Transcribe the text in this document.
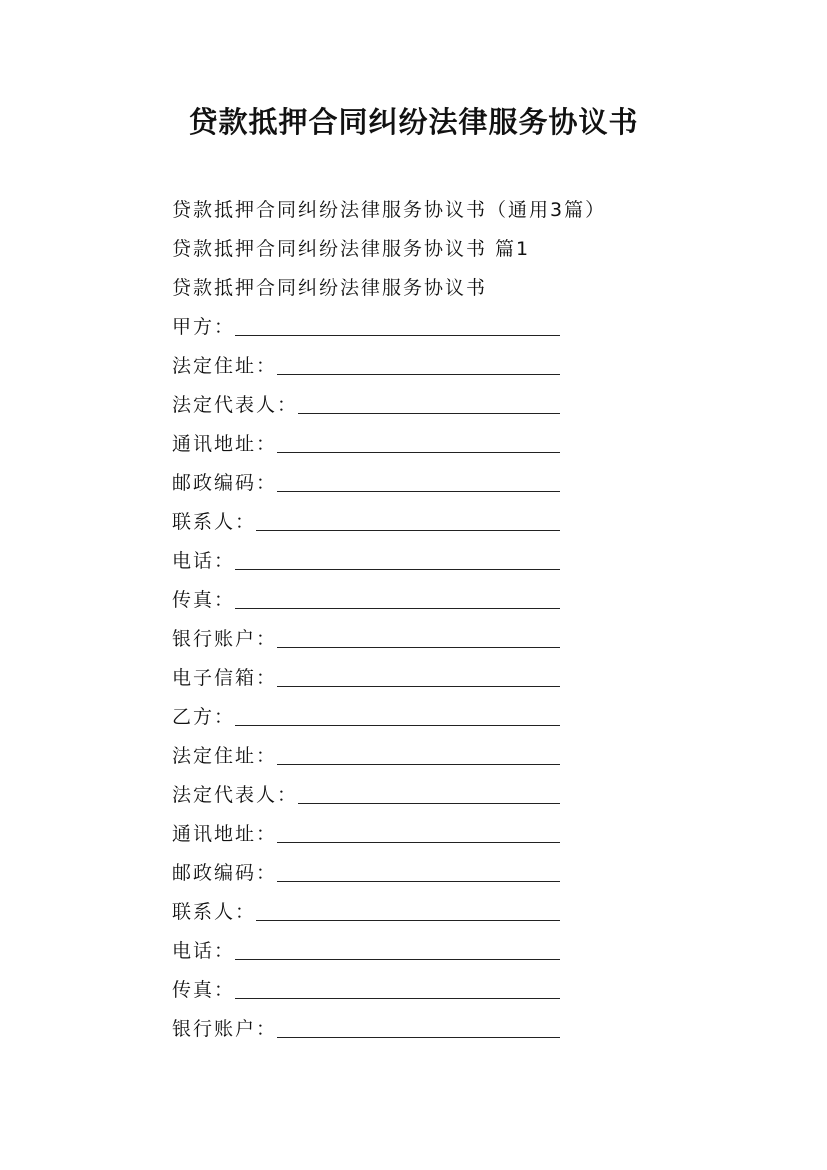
贷款抵押合同纠纷法律服务协议书
贷款抵押合同纠纷法律服务协议书（通用3篇）
贷款抵押合同纠纷法律服务协议书 篇1
贷款抵押合同纠纷法律服务协议书
甲方：
法定住址：
法定代表人：
通讯地址：
邮政编码：
联系人：
电话：
传真：
银行账户：
电子信箱：
乙方：
法定住址：
法定代表人：
通讯地址：
邮政编码：
联系人：
电话：
传真：
银行账户：
